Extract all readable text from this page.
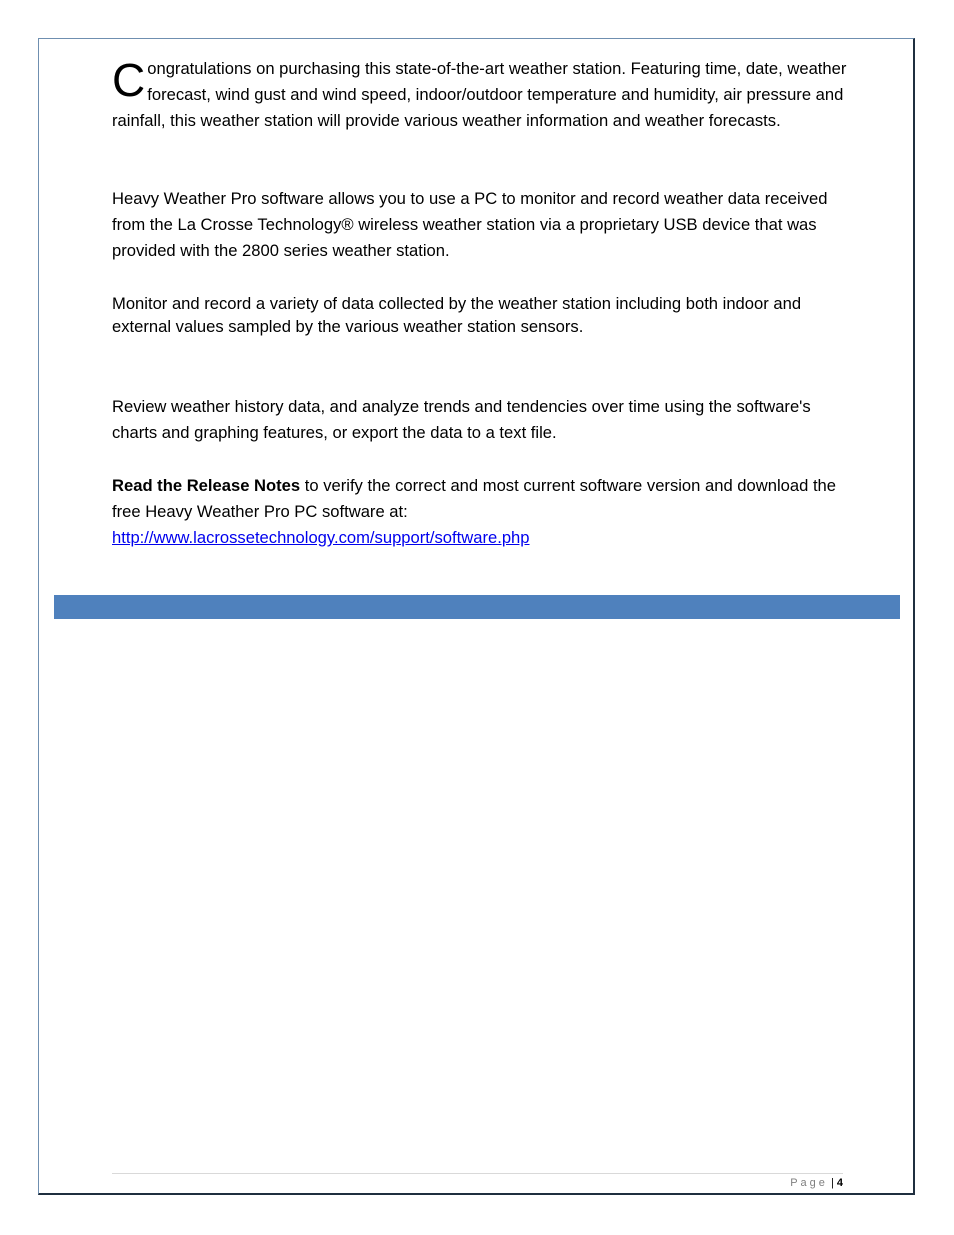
Congratulations on purchasing this state-of-the-art weather station. Featuring time, date, weather forecast, wind gust and wind speed, indoor/outdoor temperature and humidity, air pressure and rainfall, this weather station will provide various weather information and weather forecasts.

Heavy Weather Pro software allows you to use a PC to monitor and record weather data received from the La Crosse Technology® wireless weather station via a proprietary USB device that was provided with the 2800 series weather station.

Monitor and record a variety of data collected by the weather station including both indoor and external values sampled by the various weather station sensors.

Review weather history data, and analyze trends and tendencies over time using the software's charts and graphing features, or export the data to a text file.

Read the Release Notes to verify the correct and most current software version and download the free Heavy Weather Pro PC software at:
http://www.lacrossetechnology.com/support/software.php

Page | 4
